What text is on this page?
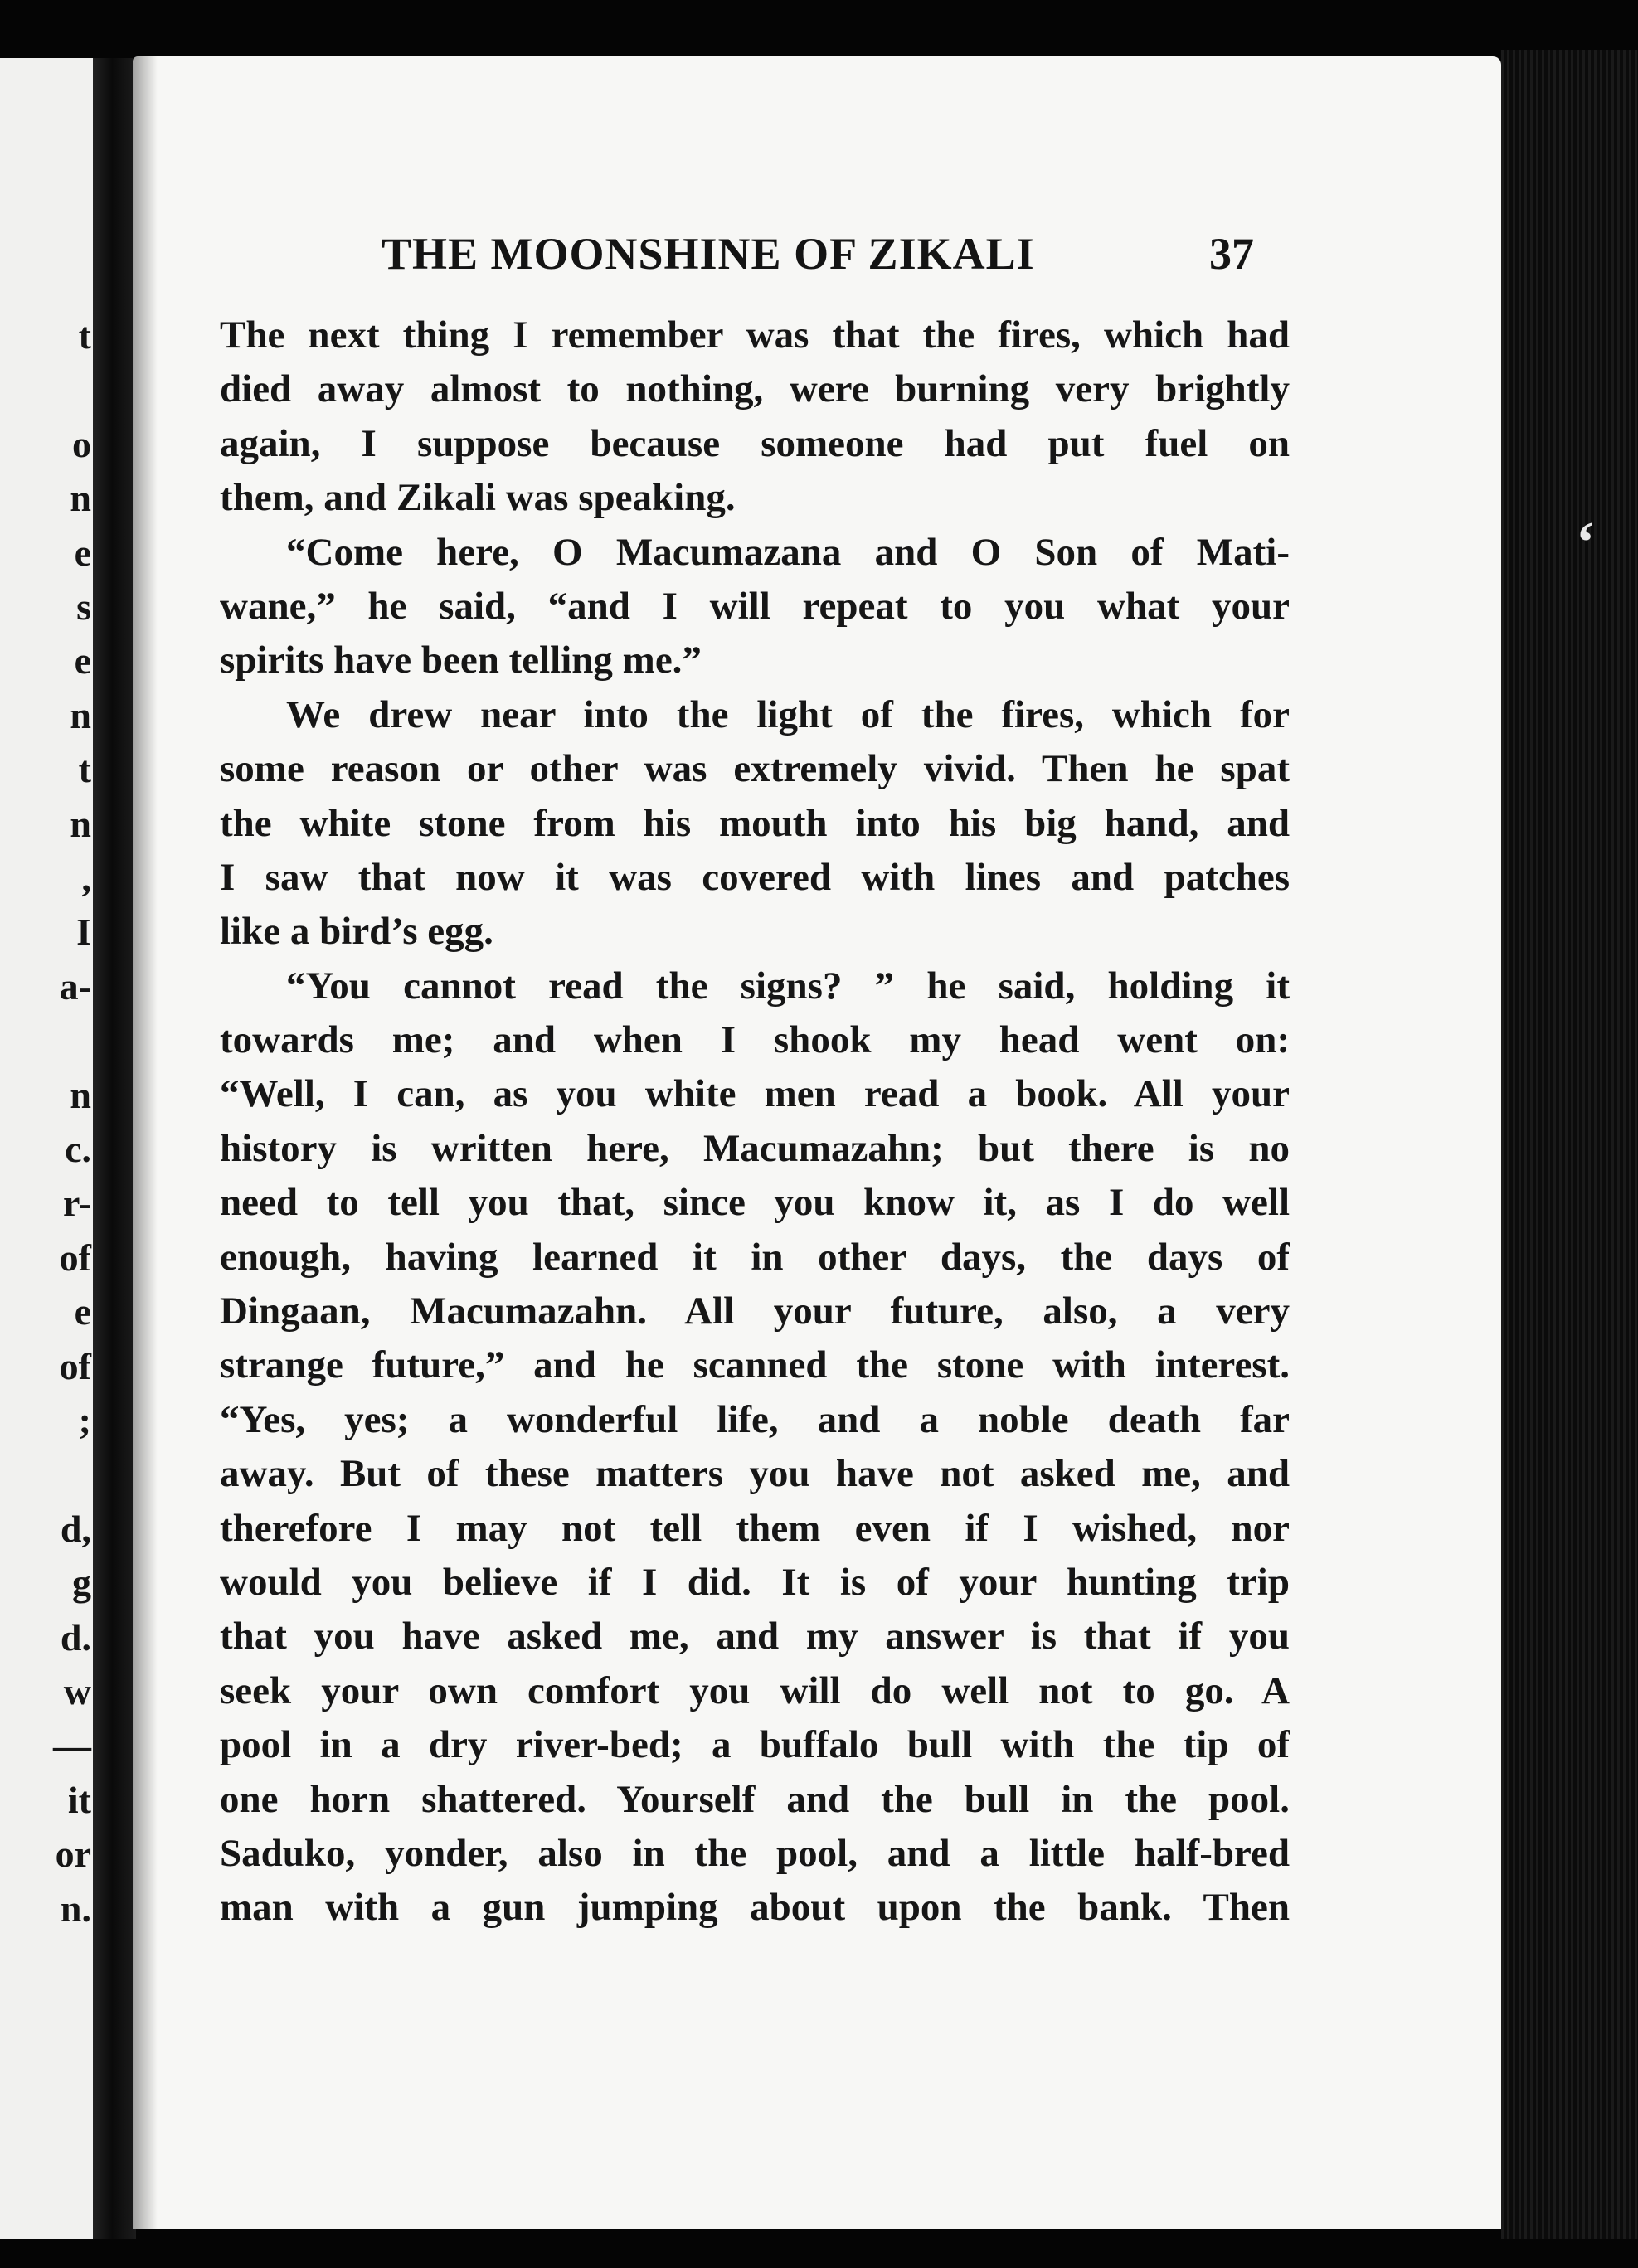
t
o
n
e
s
e
n
t
n
,
I
a-
n
c.
r-
of
e
of
;
d,
g
d.
w
—
it
or
n.
‘
THE MOONSHINE OF ZIKALI	37
The next thing I remember was that the fires, which had
died away almost to nothing, were burning very brightly
again, I suppose because someone had put fuel on
them, and Zikali was speaking.
“Come here, O Macumazana and O Son of Mati-
wane,” he said, “and I will repeat to you what your
spirits have been telling me.”
We drew near into the light of the fires, which for
some reason or other was extremely vivid. Then he spat
the white stone from his mouth into his big hand, and
I saw that now it was covered with lines and patches
like a bird’s egg.
“You cannot read the signs? ” he said, holding it
towards me; and when I shook my head went on:
“Well, I can, as you white men read a book. All your
history is written here, Macumazahn; but there is no
need to tell you that, since you know it, as I do well
enough, having learned it in other days, the days of
Dingaan, Macumazahn. All your future, also, a very
strange future,” and he scanned the stone with interest.
“Yes, yes; a wonderful life, and a noble death far
away. But of these matters you have not asked me, and
therefore I may not tell them even if I wished, nor
would you believe if I did. It is of your hunting trip
that you have asked me, and my answer is that if you
seek your own comfort you will do well not to go. A
pool in a dry river-bed; a buffalo bull with the tip of
one horn shattered. Yourself and the bull in the pool.
Saduko, yonder, also in the pool, and a little half-bred
man with a gun jumping about upon the bank. Then
